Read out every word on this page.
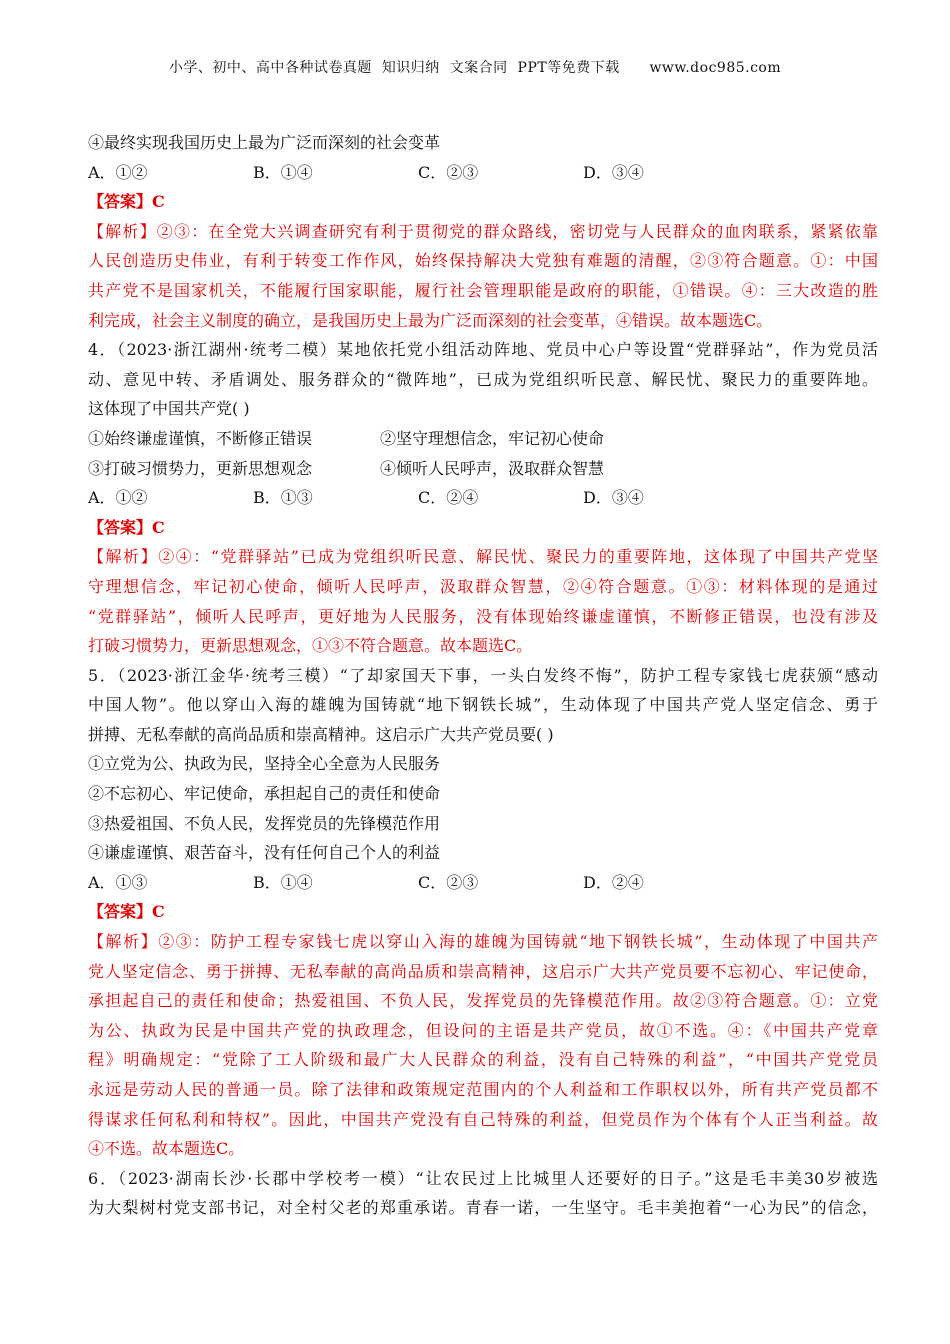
小学、初中、高中各种试卷真题  知识归纳  文案合同  PPT等免费下载      www.doc985.com
④最终实现我国历史上最为广泛而深刻的社会变革
A．①②	B．①④	C．②③	D．③④
【答案】C
【解析】②③：在全党大兴调查研究有利于贯彻党的群众路线，密切党与人民群众的血肉联系，紧紧依靠
人民创造历史伟业，有利于转变工作作风，始终保持解决大党独有难题的清醒，②③符合题意。①：中国
共产党不是国家机关，不能履行国家职能，履行社会管理职能是政府的职能，①错误。④：三大改造的胜
利完成，社会主义制度的确立，是我国历史上最为广泛而深刻的社会变革，④错误。故本题选C。
4．（2023·浙江湖州·统考二模）某地依托党小组活动阵地、党员中心户等设置“党群驿站”，作为党员活
动、意见中转、矛盾调处、服务群众的“微阵地”，已成为党组织听民意、解民忧、聚民力的重要阵地。
这体现了中国共产党( )
①始终谦虚谨慎，不断修正错误	②坚守理想信念，牢记初心使命
③打破习惯势力，更新思想观念	④倾听人民呼声，汲取群众智慧
A．①②	B．①③	C．②④	D．③④
【答案】C
【解析】②④：“党群驿站”已成为党组织听民意、解民忧、聚民力的重要阵地，这体现了中国共产党坚
守理想信念，牢记初心使命，倾听人民呼声，汲取群众智慧，②④符合题意。①③：材料体现的是通过
“党群驿站”，倾听人民呼声，更好地为人民服务，没有体现始终谦虚谨慎，不断修正错误，也没有涉及
打破习惯势力，更新思想观念，①③不符合题意。故本题选C。
5．（2023·浙江金华·统考三模）“了却家国天下事，一头白发终不悔”，防护工程专家钱七虎获颁“感动
中国人物”。他以穿山入海的雄魄为国铸就“地下钢铁长城”，生动体现了中国共产党人坚定信念、勇于
拼搏、无私奉献的高尚品质和崇高精神。这启示广大共产党员要( )
①立党为公、执政为民，坚持全心全意为人民服务
②不忘初心、牢记使命，承担起自己的责任和使命
③热爱祖国、不负人民，发挥党员的先锋模范作用
④谦虚谨慎、艰苦奋斗，没有任何自己个人的利益
A．①③	B．①④	C．②③	D．②④
【答案】C
【解析】②③：防护工程专家钱七虎以穿山入海的雄魄为国铸就“地下钢铁长城”，生动体现了中国共产
党人坚定信念、勇于拼搏、无私奉献的高尚品质和崇高精神，这启示广大共产党员要不忘初心、牢记使命，
承担起自己的责任和使命；热爱祖国、不负人民，发挥党员的先锋模范作用。故②③符合题意。①：立党
为公、执政为民是中国共产党的执政理念，但设问的主语是共产党员，故①不选。④：《中国共产党章
程》明确规定：“党除了工人阶级和最广大人民群众的利益，没有自己特殊的利益”，“中国共产党党员
永远是劳动人民的普通一员。除了法律和政策规定范围内的个人利益和工作职权以外，所有共产党员都不
得谋求任何私利和特权”。因此，中国共产党没有自己特殊的利益，但党员作为个体有个人正当利益。故
④不选。故本题选C。
6．（2023·湖南长沙·长郡中学校考一模）“让农民过上比城里人还要好的日子。”这是毛丰美30岁被选
为大梨树村党支部书记，对全村父老的郑重承诺。青春一诺，一生坚守。毛丰美抱着“一心为民”的信念，
